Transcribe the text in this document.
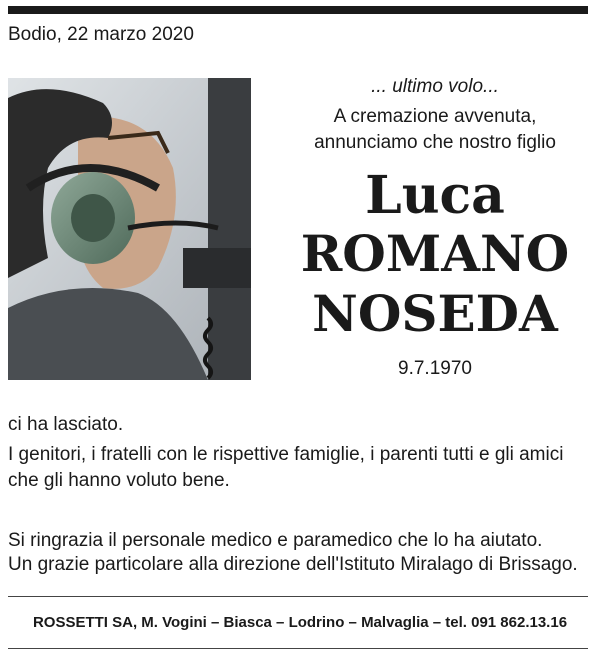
Bodio, 22 marzo 2020

... ultimo volo...

A cremazione avvenuta,

annunciamo che nostro figlio

Luca
ROMANO
NOSEDA
9.7.1970
ci ha lasciato.
I genitori, i fratelli con le rispettive famiglie, i parenti tutti e gli amici
che gli hanno voluto bene.
Si ringrazia il personale medico e paramedico che lo ha aiutato.
Un grazie particolare alla direzione dell'Istituto Miralago di Brissago.
ROSSETTI SA, M. Vogini – Biasca – Lodrino – Malvaglia – tel. 091 862.13.16
